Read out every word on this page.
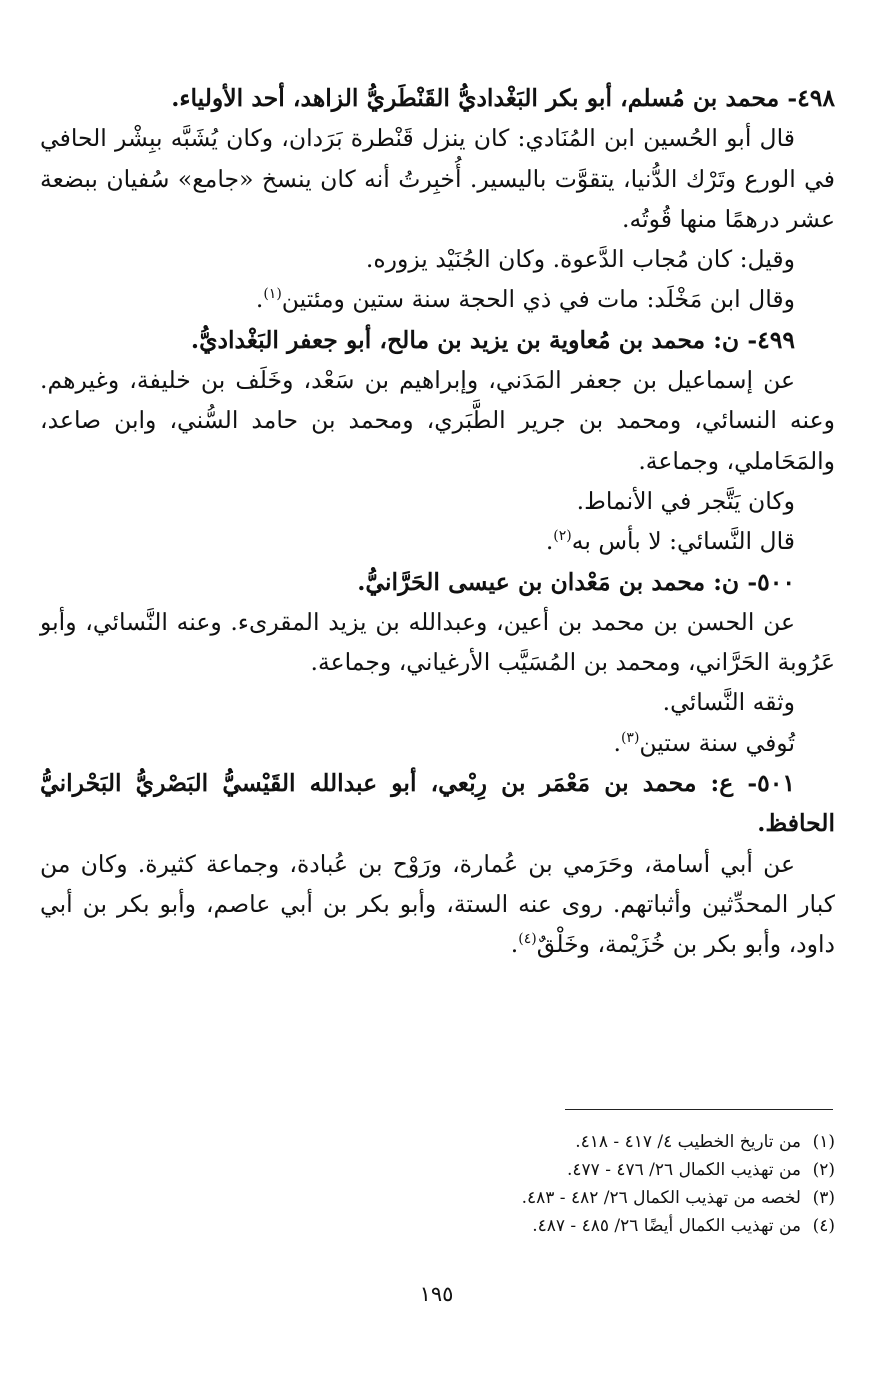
٤٩٨- محمد بن مُسلم، أبو بكر البَغْداديُّ القَنْطَريُّ الزاهد، أحد الأولياء.

قال أبو الحُسين ابن المُنَادي: كان ينزل قَنْطرة بَرَدان، وكان يُشَبَّه ببِشْر الحافي في الورع وتَرْك الدُّنيا، يتقوَّت باليسير. أُخبِرتُ أنه كان ينسخ «جامع» سُفيان ببضعة عشر درهمًا منها قُوتُه.

وقيل: كان مُجاب الدَّعوة. وكان الجُنَيْد يزوره.

وقال ابن مَخْلَد: مات في ذي الحجة سنة ستين ومئتين$^{(١)}$.

٤٩٩- ن: محمد بن مُعاوية بن يزيد بن مالح، أبو جعفر البَغْداديُّ.

عن إسماعيل بن جعفر المَدَني، وإبراهيم بن سَعْد، وخَلَف بن خليفة، وغيرهم. وعنه النسائي، ومحمد بن جرير الطَّبَري، ومحمد بن حامد السُّني، وابن صاعد، والمَحَاملي، وجماعة.

وكان يَتَّجر في الأنماط.

قال النَّسائي: لا بأس به$^{(٢)}$.

٥٠٠- ن: محمد بن مَعْدان بن عيسى الحَرَّانيُّ.

عن الحسن بن محمد بن أعين، وعبدالله بن يزيد المقرىء. وعنه النَّسائي، وأبو عَرُوبة الحَرَّاني، ومحمد بن المُسَيَّب الأرغياني، وجماعة.

وثقه النَّسائي.

تُوفي سنة ستين$^{(٣)}$.

٥٠١- ع: محمد بن مَعْمَر بن رِبْعي، أبو عبدالله القَيْسيُّ البَصْريُّ البَحْرانيُّ الحافظ.

عن أبي أسامة، وحَرَمي بن عُمارة، ورَوْح بن عُبادة، وجماعة كثيرة. وكان من كبار المحدِّثين وأثباتهم. روى عنه الستة، وأبو بكر بن أبي عاصم، وأبو بكر بن أبي داود، وأبو بكر بن خُزَيْمة، وخَلْقٌ$^{(٤)}$.

(١)
من تاريخ الخطيب ٤/ ٤١٧ - ٤١٨.
(٢)
من تهذيب الكمال ٢٦/ ٤٧٦ - ٤٧٧.
(٣)
لخصه من تهذيب الكمال ٢٦/ ٤٨٢ - ٤٨٣.
(٤)
من تهذيب الكمال أيضًا ٢٦/ ٤٨٥ - ٤٨٧.
١٩٥
